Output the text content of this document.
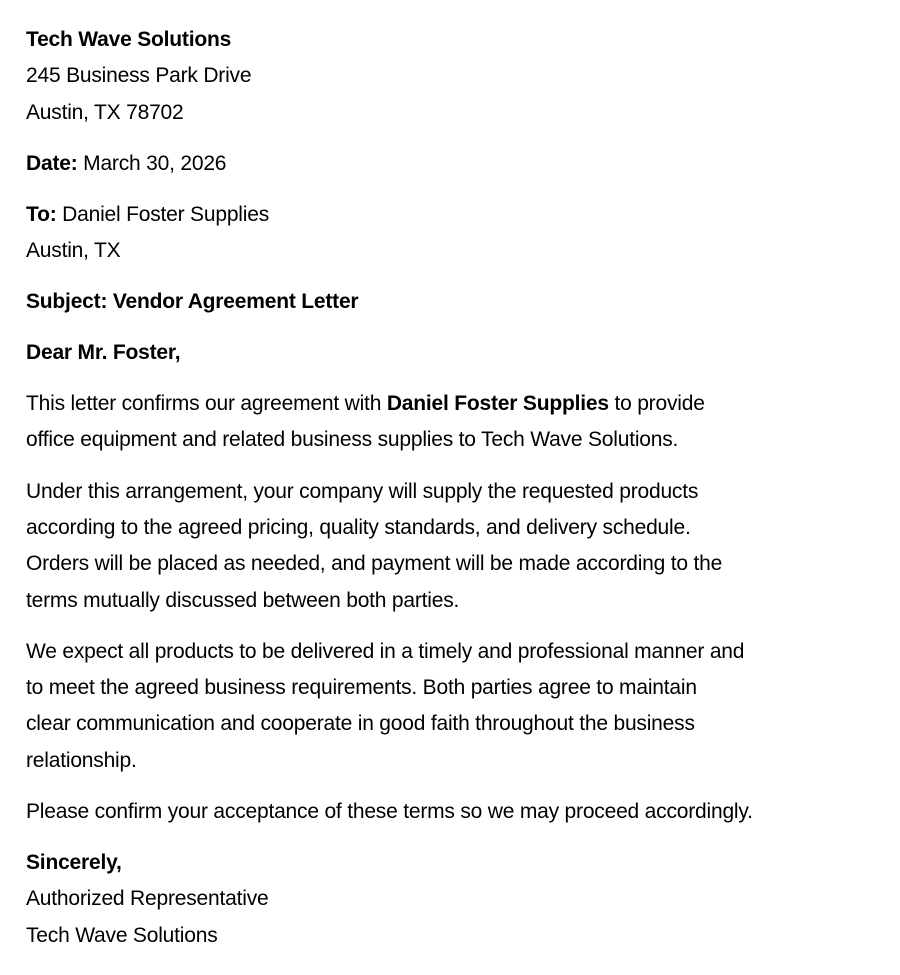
Tech Wave Solutions
245 Business Park Drive
Austin, TX 78702
Date: March 30, 2026
To: Daniel Foster Supplies
Austin, TX
Subject: Vendor Agreement Letter
Dear Mr. Foster,
This letter confirms our agreement with Daniel Foster Supplies to provide
office equipment and related business supplies to Tech Wave Solutions.
Under this arrangement, your company will supply the requested products
according to the agreed pricing, quality standards, and delivery schedule.
Orders will be placed as needed, and payment will be made according to the
terms mutually discussed between both parties.
We expect all products to be delivered in a timely and professional manner and
to meet the agreed business requirements. Both parties agree to maintain
clear communication and cooperate in good faith throughout the business
relationship.
Please confirm your acceptance of these terms so we may proceed accordingly.
Sincerely,
Authorized Representative
Tech Wave Solutions
